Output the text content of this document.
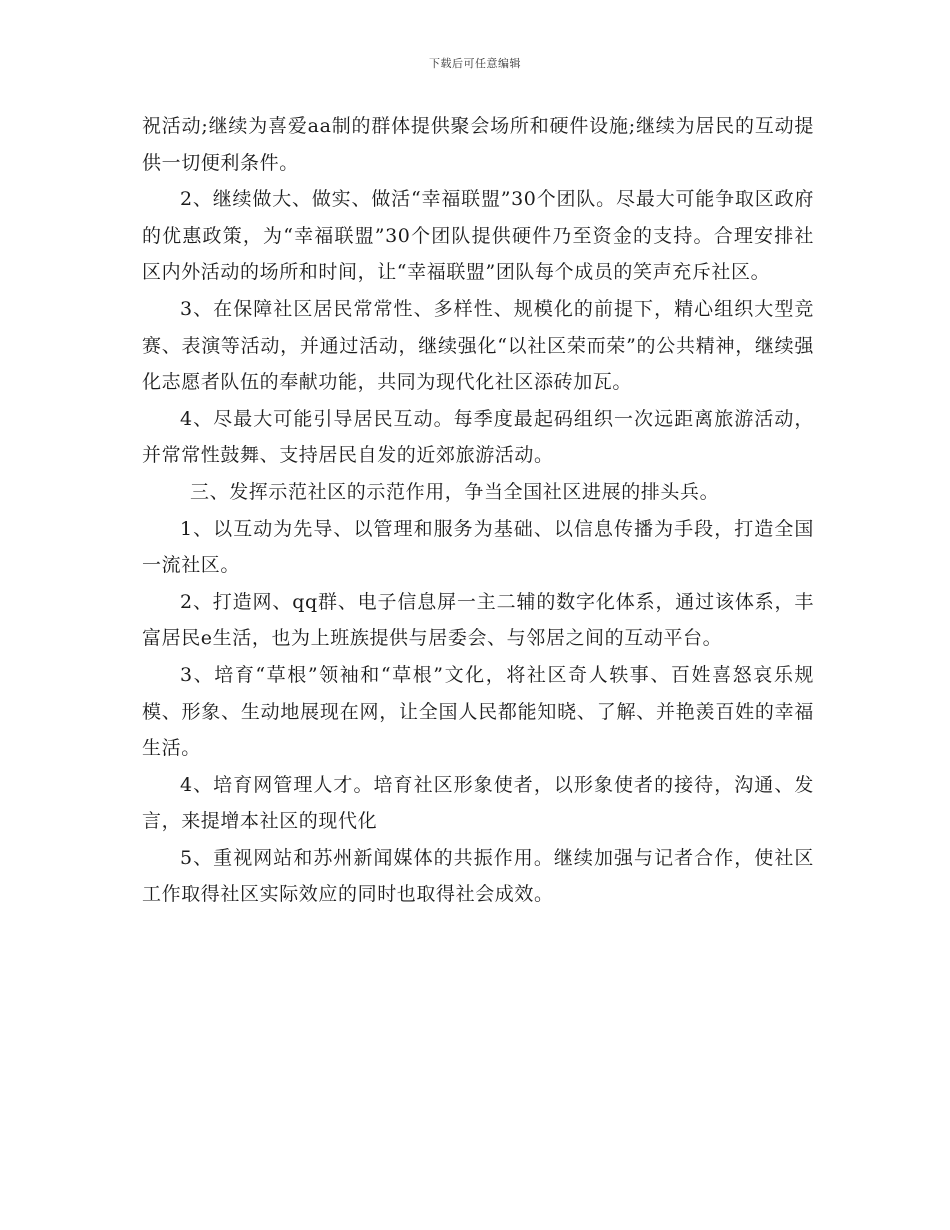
下载后可任意编辑

祝活动;继续为喜爱aa制的群体提供聚会场所和硬件设施;继续为居民的互动提供一切便利条件。

2、继续做大、做实、做活“幸福联盟”30个团队。尽最大可能争取区政府的优惠政策，为“幸福联盟”30个团队提供硬件乃至资金的支持。合理安排社区内外活动的场所和时间，让“幸福联盟”团队每个成员的笑声充斥社区。

3、在保障社区居民常常性、多样性、规模化的前提下，精心组织大型竞赛、表演等活动，并通过活动，继续强化“以社区荣而荣”的公共精神，继续强化志愿者队伍的奉献功能，共同为现代化社区添砖加瓦。

4、尽最大可能引导居民互动。每季度最起码组织一次远距离旅游活动，并常常性鼓舞、支持居民自发的近郊旅游活动。

三、发挥示范社区的示范作用，争当全国社区进展的排头兵。

1、以互动为先导、以管理和服务为基础、以信息传播为手段，打造全国一流社区。

2、打造网、qq群、电子信息屏一主二辅的数字化体系，通过该体系，丰富居民e生活，也为上班族提供与居委会、与邻居之间的互动平台。

3、培育“草根”领袖和“草根”文化，将社区奇人轶事、百姓喜怒哀乐规模、形象、生动地展现在网，让全国人民都能知晓、了解、并艳羡百姓的幸福生活。

4、培育网管理人才。培育社区形象使者，以形象使者的接待，沟通、发言，来提增本社区的现代化

5、重视网站和苏州新闻媒体的共振作用。继续加强与记者合作，使社区工作取得社区实际效应的同时也取得社会成效。
